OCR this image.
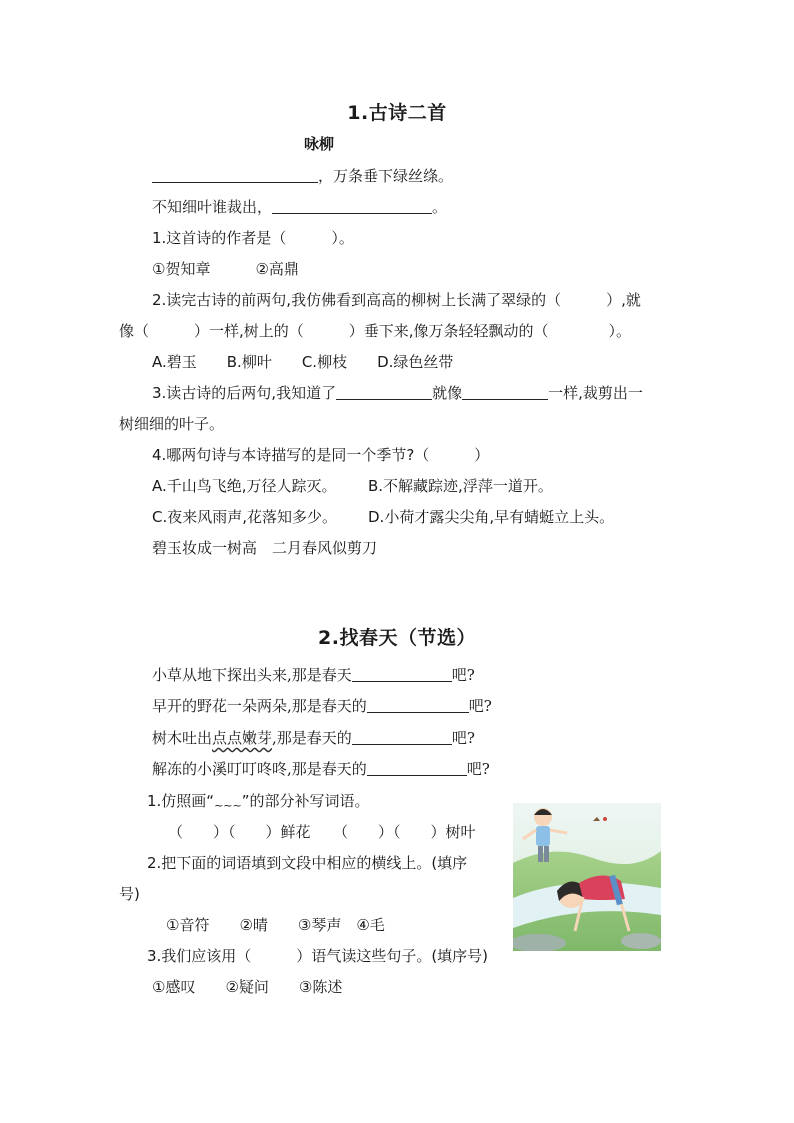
1.古诗二首
咏柳
，万条垂下绿丝绦。
不知细叶谁裁出，	。
1.这首诗的作者是（　　　）。
①贺知章　　　②高鼎
2.读完古诗的前两句,我仿佛看到高高的柳树上长满了翠绿的（　　　）,就
像（　　　）一样,树上的（　　　）垂下来,像万条轻轻飘动的（　　　　）。
A.碧玉　　B.柳叶　　C.柳枝　　D.绿色丝带
3.读古诗的后两句,我知道了	就像	一样,裁剪出一
树细细的叶子。
4.哪两句诗与本诗描写的是同一个季节?（　　　）
A.千山鸟飞绝,万径人踪灭。 B.不解藏踪迹,浮萍一道开。
C.夜来风雨声,花落知多少。 D.小荷才露尖尖角,早有蜻蜓立上头。
碧玉妆成一树高　二月春风似剪刀
2.找春天（节选）
小草从地下探出头来,那是春天	吧?
早开的野花一朵两朵,那是春天的	吧?
树木吐出点点嫩芽,那是春天的	吧?
解冻的小溪叮叮咚咚,那是春天的	吧?
1.仿照画“$_{\sim\sim\sim}$”的部分补写词语。
（　　）（　　）鲜花　　（　　）（　　）树叶
2.把下面的词语填到文段中相应的横线上。(填序
号)
①音符　　②晴　　③琴声　④毛
3.我们应该用（　　　）语气读这些句子。(填序号)
①感叹　　②疑问　　③陈述
